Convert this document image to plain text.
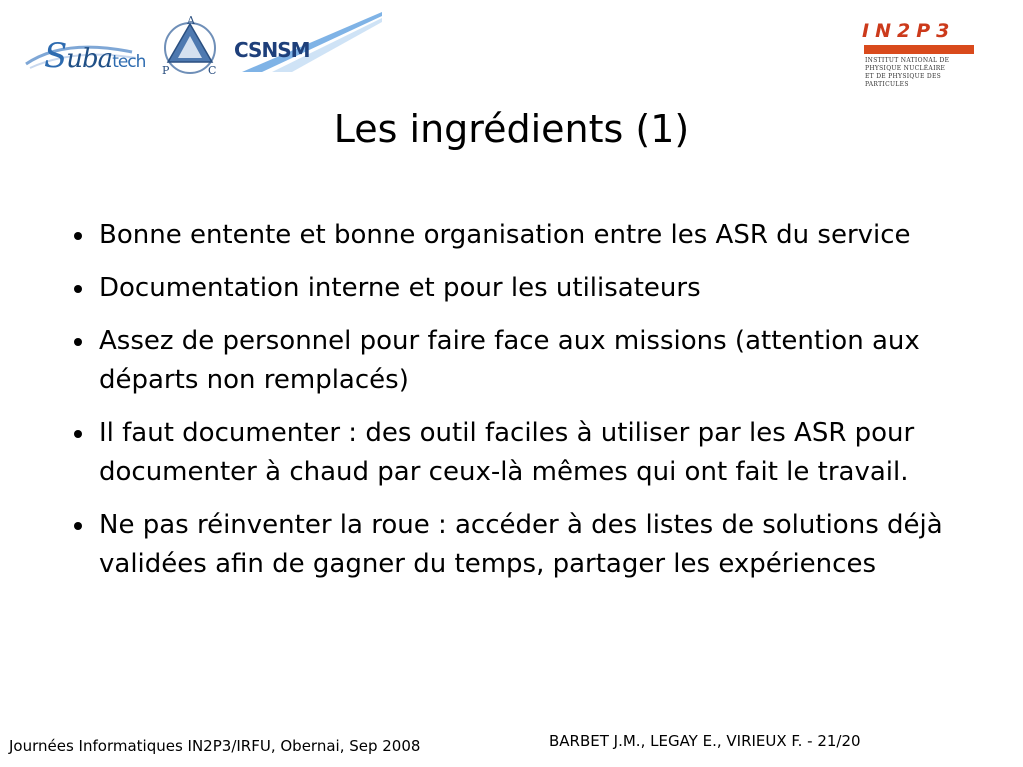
Subatech
A
P	C
CSNSM
IN2P3
INSTITUT NATIONAL DE PHYSIQUE NUCLÉAIRE
ET DE PHYSIQUE DES PARTICULES
Les ingrédients (1)
Bonne entente et bonne organisation entre les ASR du service
Documentation interne et pour les utilisateurs
Assez de personnel pour faire face aux missions (attention aux départs non remplacés)
Il faut documenter : des outil faciles à utiliser par les ASR pour documenter à chaud par ceux-là mêmes qui ont fait le travail.
Ne pas réinventer la roue : accéder à des listes de solutions déjà validées afin de gagner du temps, partager les expériences
Journées Informatiques IN2P3/IRFU, Obernai, Sep 2008	BARBET J.M., LEGAY E., VIRIEUX F. - 21/20
